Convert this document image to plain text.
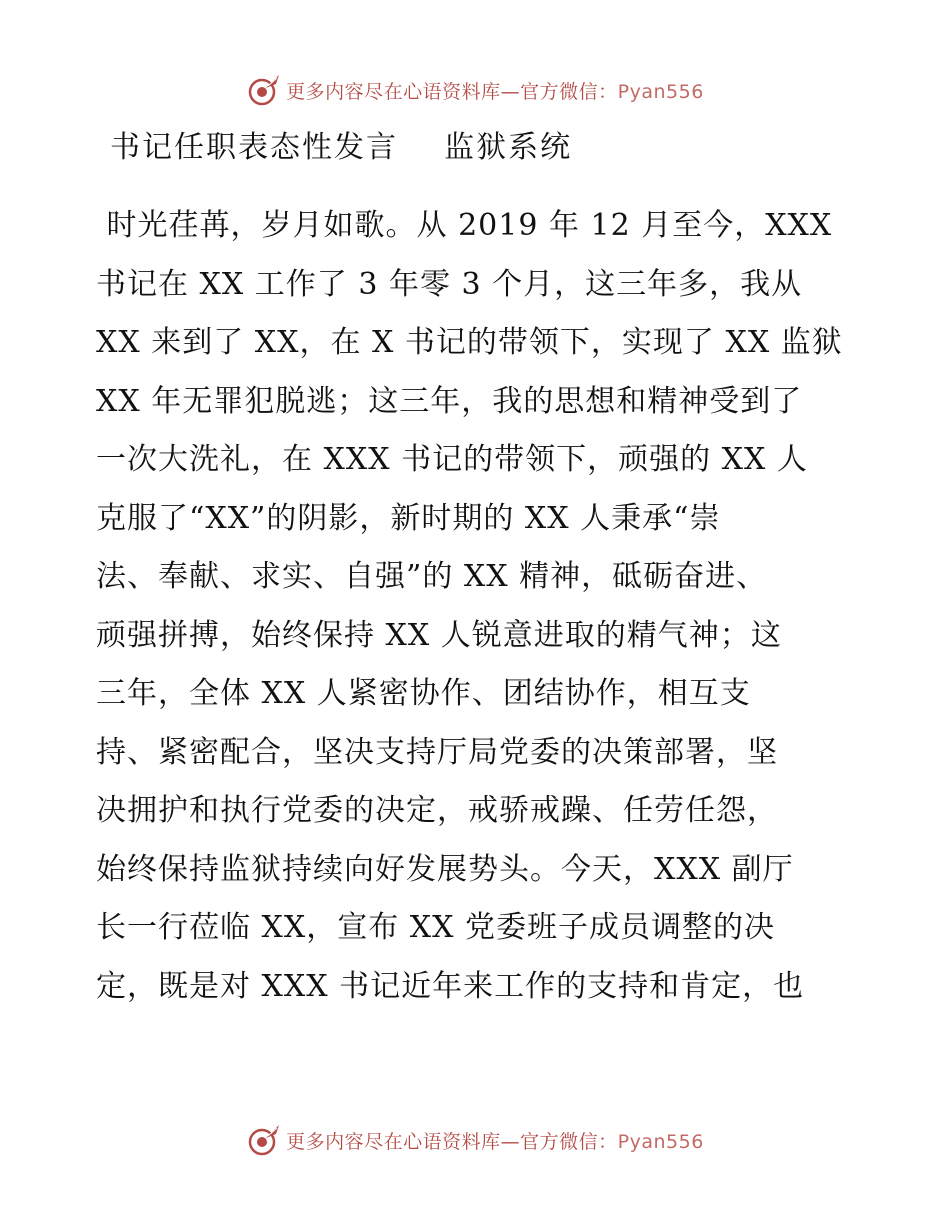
更多内容尽在心语资料库—官方微信：Pyan556
书记任职表态性发言    监狱系统
时光荏苒，岁月如歌。从 2019 年 12 月至今，XXX
书记在 XX 工作了 3 年零 3 个月，这三年多，我从
XX 来到了 XX，在 X 书记的带领下，实现了 XX 监狱
XX 年无罪犯脱逃；这三年，我的思想和精神受到了
一次大洗礼，在 XXX 书记的带领下，顽强的 XX 人
克服了“XX”的阴影，新时期的 XX 人秉承“崇
法、奉献、求实、自强”的 XX 精神，砥砺奋进、
顽强拼搏，始终保持 XX 人锐意进取的精气神；这
三年，全体 XX 人紧密协作、团结协作，相互支
持、紧密配合，坚决支持厅局党委的决策部署，坚
决拥护和执行党委的决定，戒骄戒躁、任劳任怨，
始终保持监狱持续向好发展势头。今天，XXX 副厅
长一行莅临 XX，宣布 XX 党委班子成员调整的决
定，既是对 XXX 书记近年来工作的支持和肯定，也
更多内容尽在心语资料库—官方微信：Pyan556
